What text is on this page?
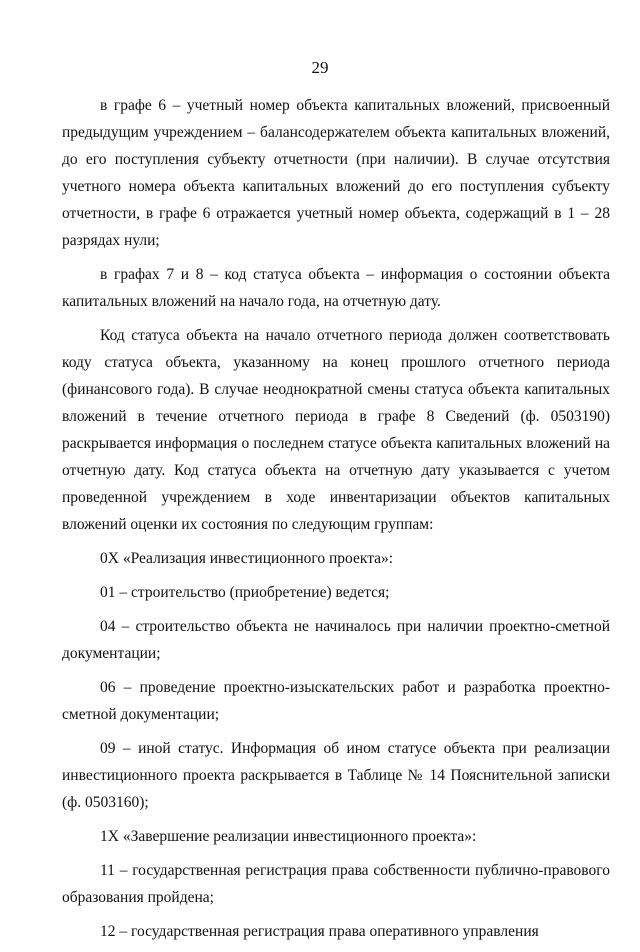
29

в графе 6 – учетный номер объекта капитальных вложений, присвоенный предыдущим учреждением – балансодержателем объекта капитальных вложений, до его поступления субъекту отчетности (при наличии). В случае отсутствия учетного номера объекта капитальных вложений до его поступления субъекту отчетности, в графе 6 отражается учетный номер объекта, содержащий в 1 – 28 разрядах нули;

в графах 7 и 8 – код статуса объекта – информация о состоянии объекта капитальных вложений на начало года, на отчетную дату.

Код статуса объекта на начало отчетного периода должен соответствовать коду статуса объекта, указанному на конец прошлого отчетного периода (финансового года). В случае неоднократной смены статуса объекта капитальных вложений в течение отчетного периода в графе 8 Сведений (ф. 0503190) раскрывается информация о последнем статусе объекта капитальных вложений на отчетную дату. Код статуса объекта на отчетную дату указывается с учетом проведенной учреждением в ходе инвентаризации объектов капитальных вложений оценки их состояния по следующим группам:

0Х «Реализация инвестиционного проекта»:

01 – строительство (приобретение) ведется;

04 – строительство объекта не начиналось при наличии проектно-сметной документации;

06 – проведение проектно-изыскательских работ и разработка проектно-сметной документации;

09 – иной статус. Информация об ином статусе объекта при реализации инвестиционного проекта раскрывается в Таблице № 14 Пояснительной записки (ф. 0503160);

1Х «Завершение реализации инвестиционного проекта»:

11 – государственная регистрация права собственности публично-правового образования пройдена;

12 – государственная регистрация права оперативного управления
